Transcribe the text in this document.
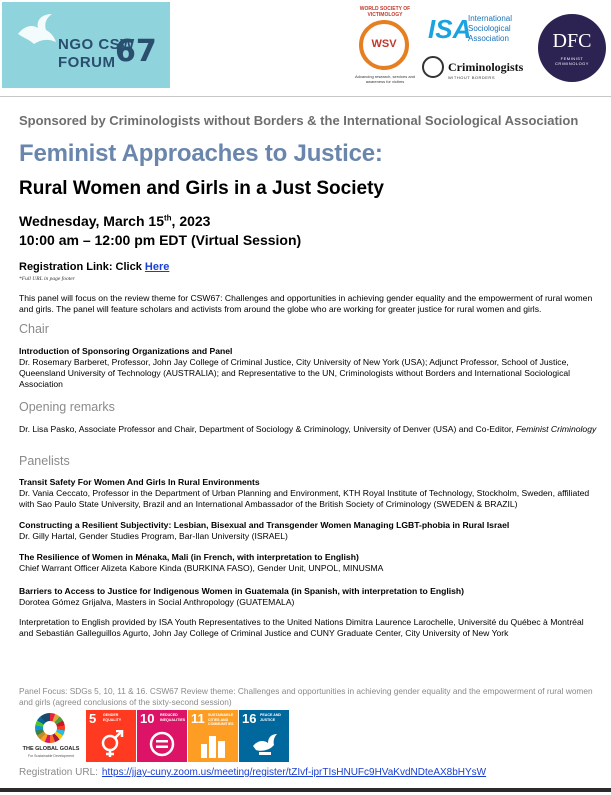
NGO CSW
FORUM 67
WORLD SOCIETY OF VICTIMOLOGY
WSV
Advancing research, services and awareness for victims
ISA
International
Sociological
Association
Criminologists
WITHOUT BORDERS
DFC
FEMINIST
CRIMINOLOGY
Sponsored by Criminologists without Borders & the International Sociological Association
Feminist Approaches to Justice:
Rural Women and Girls in a Just Society
Wednesday, March 15th, 2023
10:00 am – 12:00 pm EDT (Virtual Session)
Registration Link: Click Here
*Full URL in page footer
This panel will focus on the review theme for CSW67: Challenges and opportunities in achieving gender equality and the empowerment of rural women and girls. The panel will feature scholars and activists from around the globe who are working for greater justice for rural women and girls.
Chair
Introduction of Sponsoring Organizations and Panel
Dr. Rosemary Barberet, Professor, John Jay College of Criminal Justice, City University of New York (USA); Adjunct Professor, School of Justice, Queensland University of Technology (AUSTRALIA); and Representative to the UN, Criminologists without Borders and International Sociological Association
Opening remarks
Dr. Lisa Pasko, Associate Professor and Chair, Department of Sociology & Criminology, University of Denver (USA) and Co-Editor, Feminist Criminology
Panelists
Transit Safety For Women And Girls In Rural Environments
Dr. Vania Ceccato, Professor in the Department of Urban Planning and Environment, KTH Royal Institute of Technology, Stockholm, Sweden, affiliated with Sao Paulo State University, Brazil and an International Ambassador of the British Society of Criminology (SWEDEN & BRAZIL)
Constructing a Resilient Subjectivity: Lesbian, Bisexual and Transgender Women Managing LGBT-phobia in Rural Israel
Dr. Gilly Hartal, Gender Studies Program, Bar-Ilan University (ISRAEL)
The Resilience of Women in Ménaka, Mali (in French, with interpretation to English)
Chief Warrant Officer Alizeta Kabore Kinda (BURKINA FASO), Gender Unit, UNPOL, MINUSMA
Barriers to Access to Justice for Indigenous Women in Guatemala (in Spanish, with interpretation to English)
Dorotea Gómez Grijalva, Masters in Social Anthropology (GUATEMALA)
Interpretation to English provided by ISA Youth Representatives to the United Nations Dimitra Laurence Larochelle, Université du Québec à Montréal and Sebastián Galleguillos Agurto, John Jay College of Criminal Justice and CUNY Graduate Center, City University of New York
Panel Focus: SDGs 5, 10, 11 & 16. CSW67 Review theme: Challenges and opportunities in achieving gender equality and the empowerment of rural women and girls (agreed conclusions of the sixty-second session)
THE GLOBAL GOALS
For Sustainable Development
5 GENDER EQUALITY	10 REDUCED INEQUALITIES 11 SUSTAINABLE CITIES AND COMMUNITIES 16 PEACE AND JUSTICE
Registration URL: https://jjay-cuny.zoom.us/meeting/register/tZIvf-iprTIsHNUFc9HVaKvdNDteAX8bHYsW
